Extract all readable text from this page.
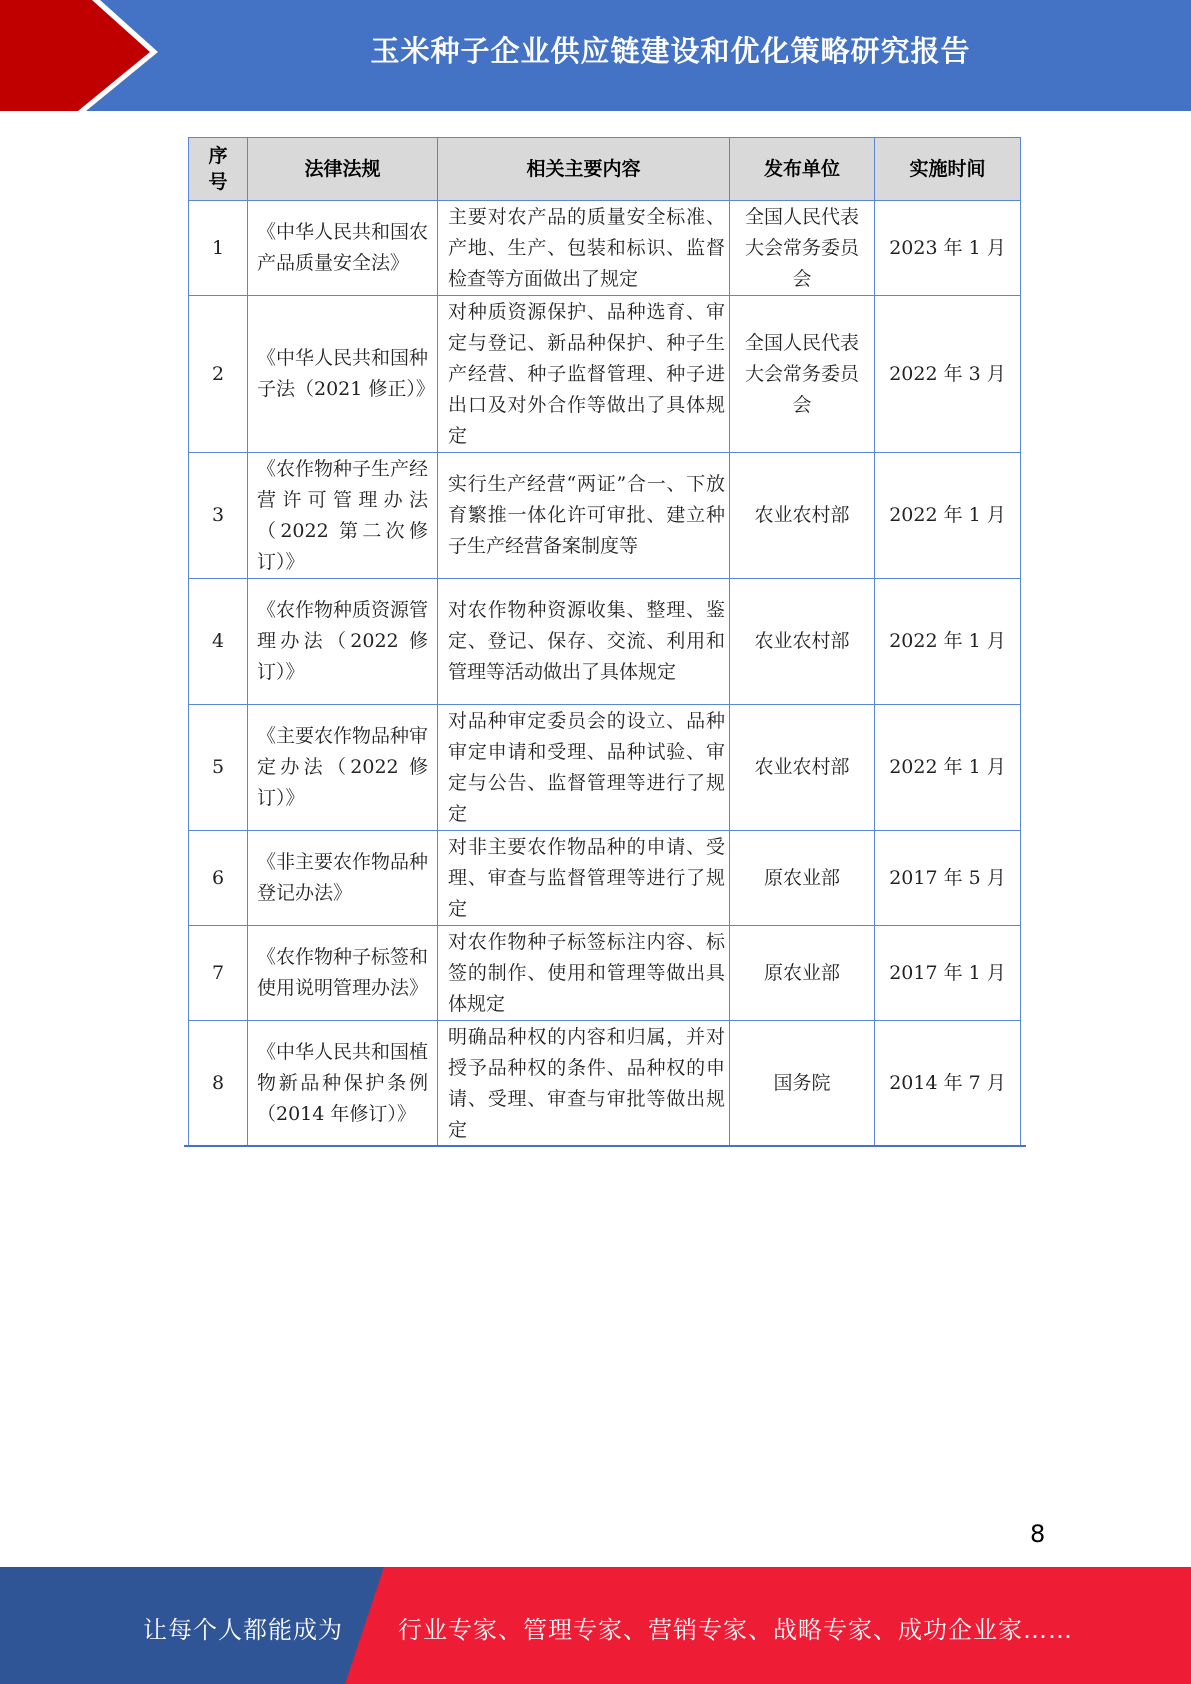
玉米种子企业供应链建设和优化策略研究报告
序号	法律法规	相关主要内容	发布单位	实施时间
1	《中华人民共和国农产品质量安全法》	主要对农产品的质量安全标准、产地、生产、包装和标识、监督检查等方面做出了规定	全国人民代表大会常务委员会	2023 年 1 月
2	《中华人民共和国种子法（2021 修正）》	对种质资源保护、品种选育、审定与登记、新品种保护、种子生产经营、种子监督管理、种子进出口及对外合作等做出了具体规定	全国人民代表大会常务委员会	2022 年 3 月
3	《农作物种子生产经营许可管理办法（2022 第二次修订）》	实行生产经营“两证”合一、下放育繁推一体化许可审批、建立种子生产经营备案制度等	农业农村部	2022 年 1 月
4	《农作物种质资源管理办法（2022 修订）》	对农作物种资源收集、整理、鉴定、登记、保存、交流、利用和管理等活动做出了具体规定	农业农村部	2022 年 1 月
5	《主要农作物品种审定办法（2022 修订）》	对品种审定委员会的设立、品种审定申请和受理、品种试验、审定与公告、监督管理等进行了规定	农业农村部	2022 年 1 月
6	《非主要农作物品种登记办法》	对非主要农作物品种的申请、受理、审查与监督管理等进行了规定	原农业部	2017 年 5 月
7	《农作物种子标签和使用说明管理办法》	对农作物种子标签标注内容、标签的制作、使用和管理等做出具体规定	原农业部	2017 年 1 月
8	《中华人民共和国植物新品种保护条例（2014 年修订）》	明确品种权的内容和归属，并对授予品种权的条件、品种权的申请、受理、审查与审批等做出规定	国务院	2014 年 7 月
8
让每个人都能成为 行业专家、管理专家、营销专家、战略专家、成功企业家……
